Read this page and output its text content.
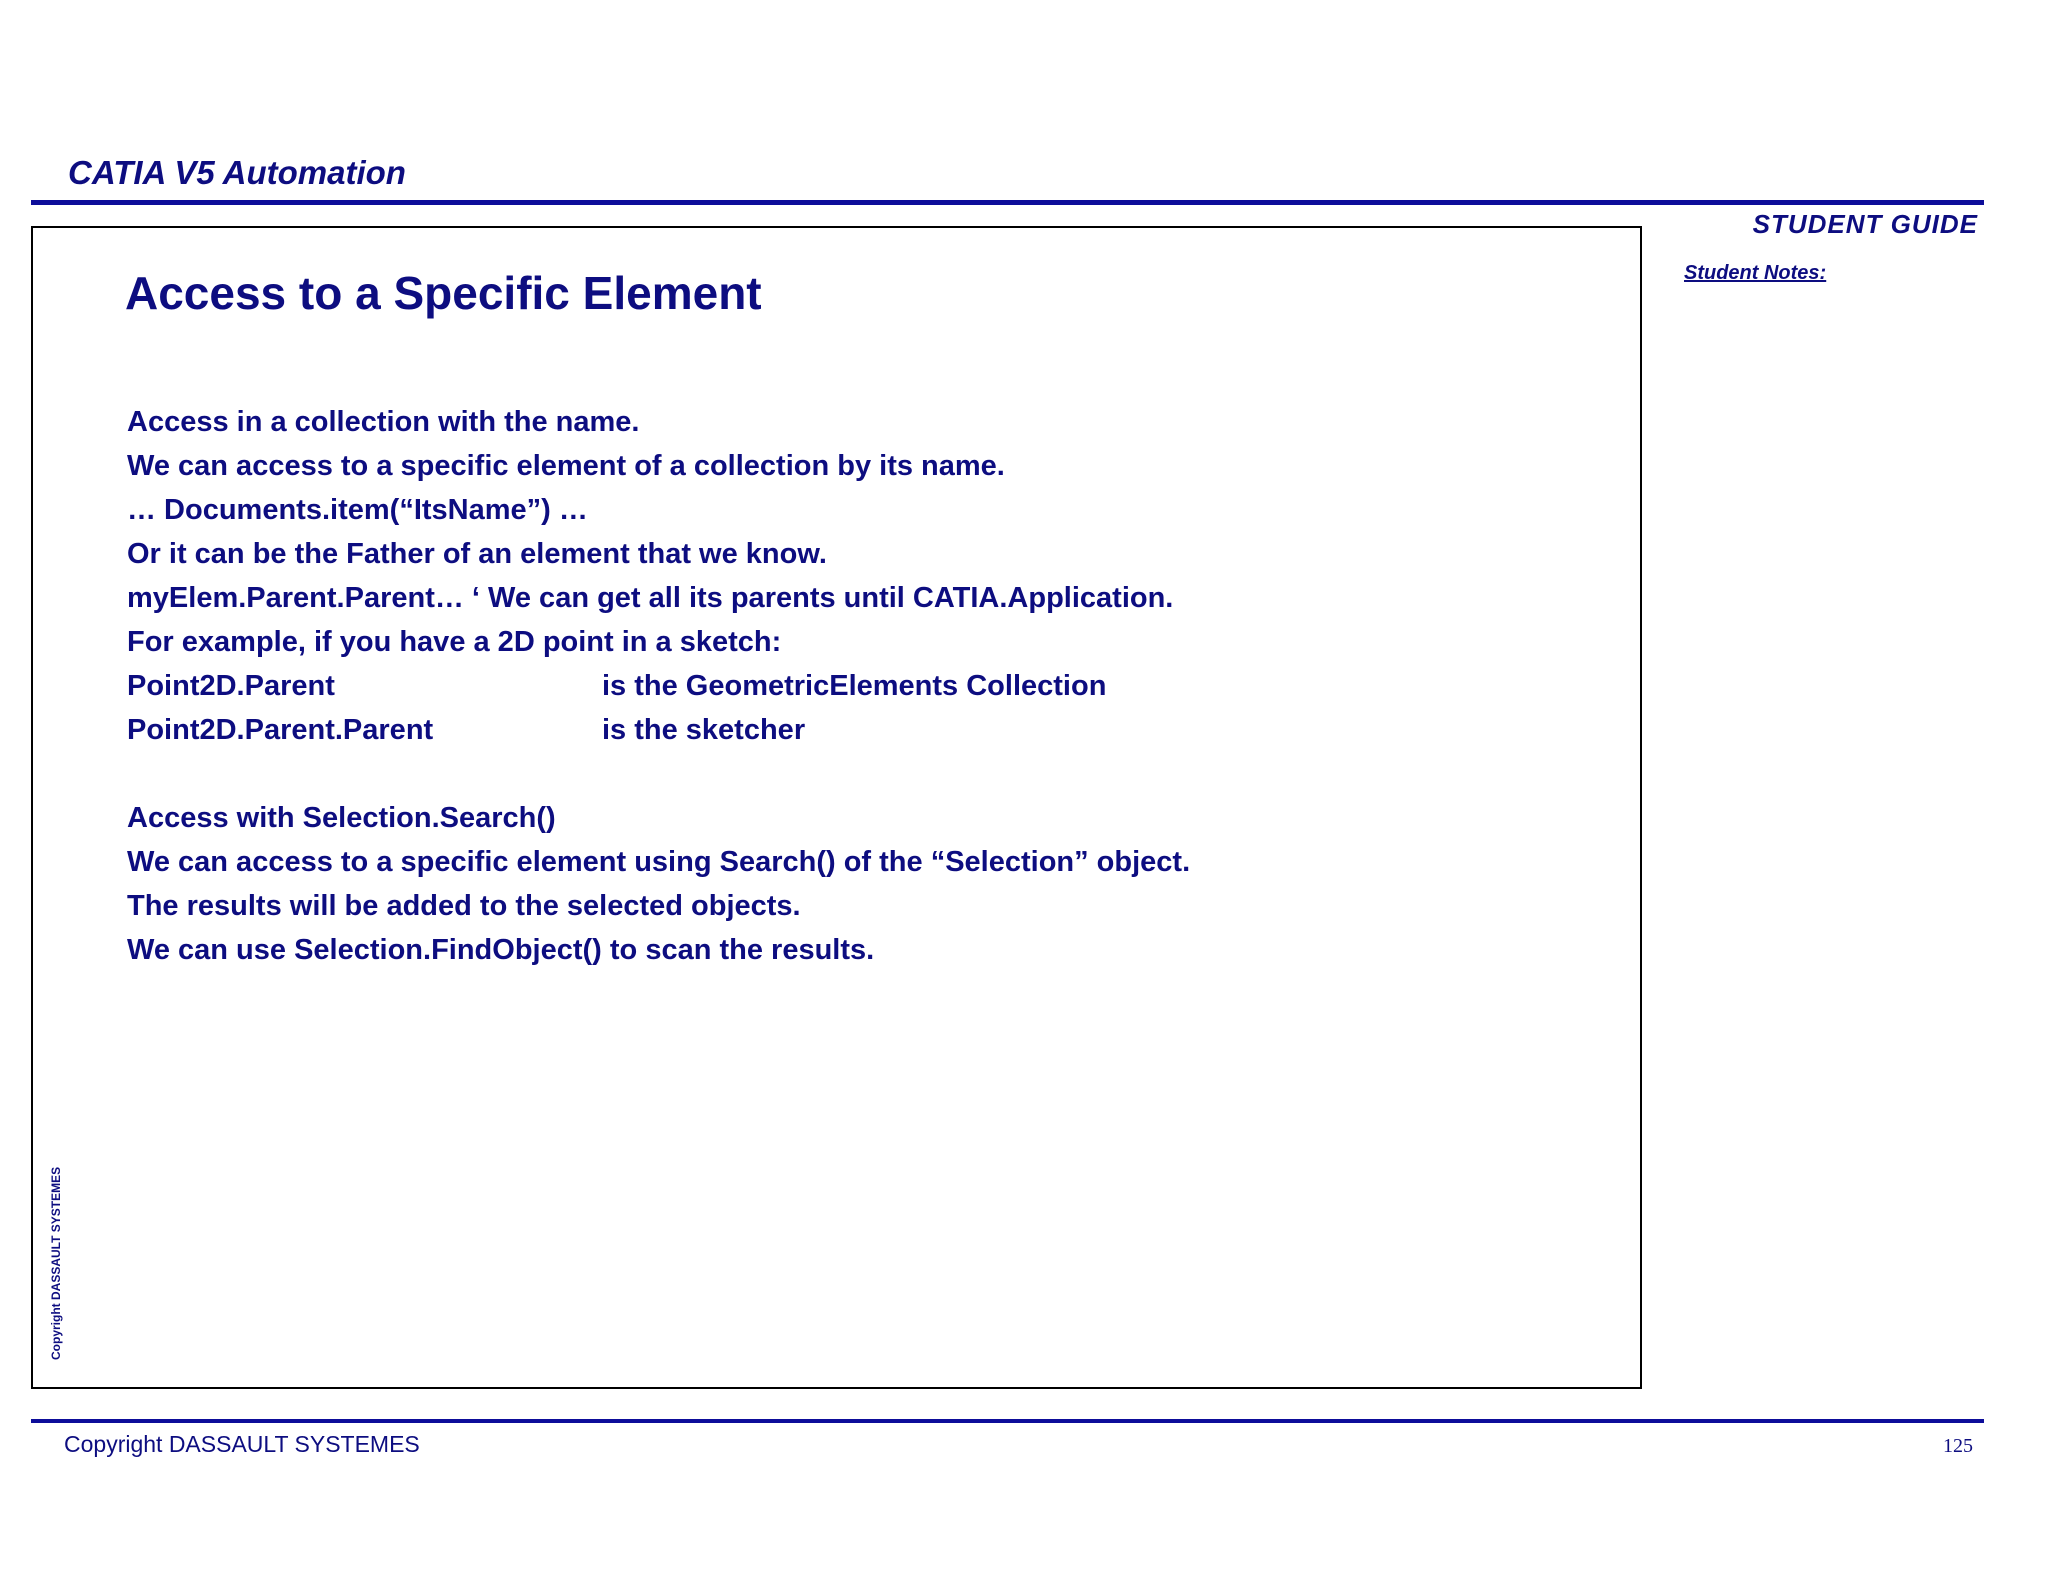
CATIA V5 Automation
STUDENT GUIDE
Student Notes:
Access to a Specific Element
Access in a collection with the name.
We can access to a specific element of a collection by its name.
… Documents.item(“ItsName”) …
Or it can be the Father of an element that we know.
myElem.Parent.Parent… ‘ We can get all its parents until CATIA.Application.
For example, if you have a 2D point in a sketch:
Point2D.Parent	is the GeometricElements Collection
Point2D.Parent.Parent	is the sketcher
Access with Selection.Search()
We can access to a specific element using Search() of the “Selection” object.
The results will be added to the selected objects.
We can use Selection.FindObject() to scan the results.
Copyright DASSAULT SYSTEMES
Copyright DASSAULT SYSTEMES	125
